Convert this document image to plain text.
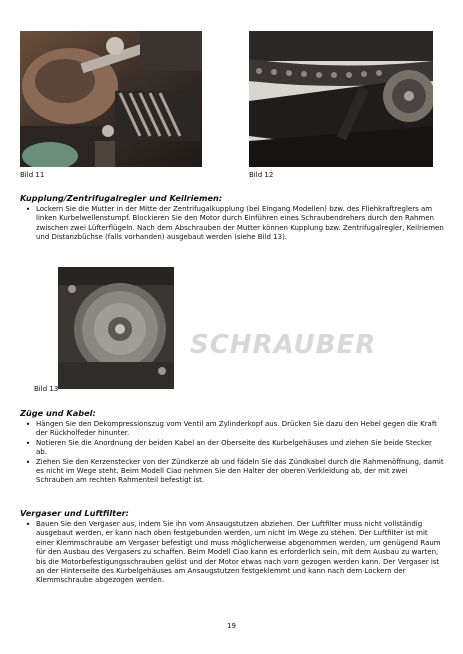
Bild 11	Bild 12
Kupplung/Zentrifugalregler und Keilriemen:
• Lockern Sie die Mutter in der Mitte der Zentrifugalkupplung (bei Eingang Modellen) bzw. des Fliehkraftreglers am linken Kurbelwellenstumpf. Blockieren Sie den Motor durch Einführen eines Schraubendrehers durch den Rahmen zwischen zwei Lüfterflügeln. Nach dem Abschrauben der Mutter können Kupplung bzw. Zentrifugalregler, Keilriemen und Distanzbüchse (falls vorhanden) ausgebaut werden (siehe Bild 13).
Bild 13
SCHRAUBER
Züge und Kabel:
• Hängen Sie den Dekompressionszug vom Ventil am Zylinderkopf aus. Drücken Sie dazu den Hebel gegen die Kraft der Rückholfeder hinunter.
• Notieren Sie die Anordnung der beiden Kabel an der Oberseite des Kurbelgehäuses und ziehen Sie beide Stecker ab.
• Ziehen Sie den Kerzenstecker von der Zündkerze ab und fädeln Sie das Zündkabel durch die Rahmenöffnung, damit es nicht im Wege steht. Beim Modell Ciao nehmen Sie den Halter der oberen Verkleidung ab, der mit zwei Schrauben am rechten Rahmenteil befestigt ist.
Vergaser und Luftfilter:
• Bauen Sie den Vergaser aus, indem Sie ihn vom Ansaugstutzen abziehen. Der Luftfilter muss nicht vollständig ausgebaut werden, er kann nach oben festgebunden werden, um nicht im Wege zu stehen. Der Luftfilter ist mit einer Klemmschraube am Vergaser befestigt und muss möglicherweise abgenommen werden, um genügend Raum für den Ausbau des Vergasers zu schaffen. Beim Modell Ciao kann es erforderlich sein, mit dem Ausbau zu warten, bis die Motorbefestigungsschrauben gelöst und der Motor etwas nach vorn gezogen werden kann. Der Vergaser ist an der Hinterseite des Kurbelgehäuses am Ansaugstutzen festgeklemmt und kann nach dem Lockern der Klemmschraube abgezogen werden.
19
